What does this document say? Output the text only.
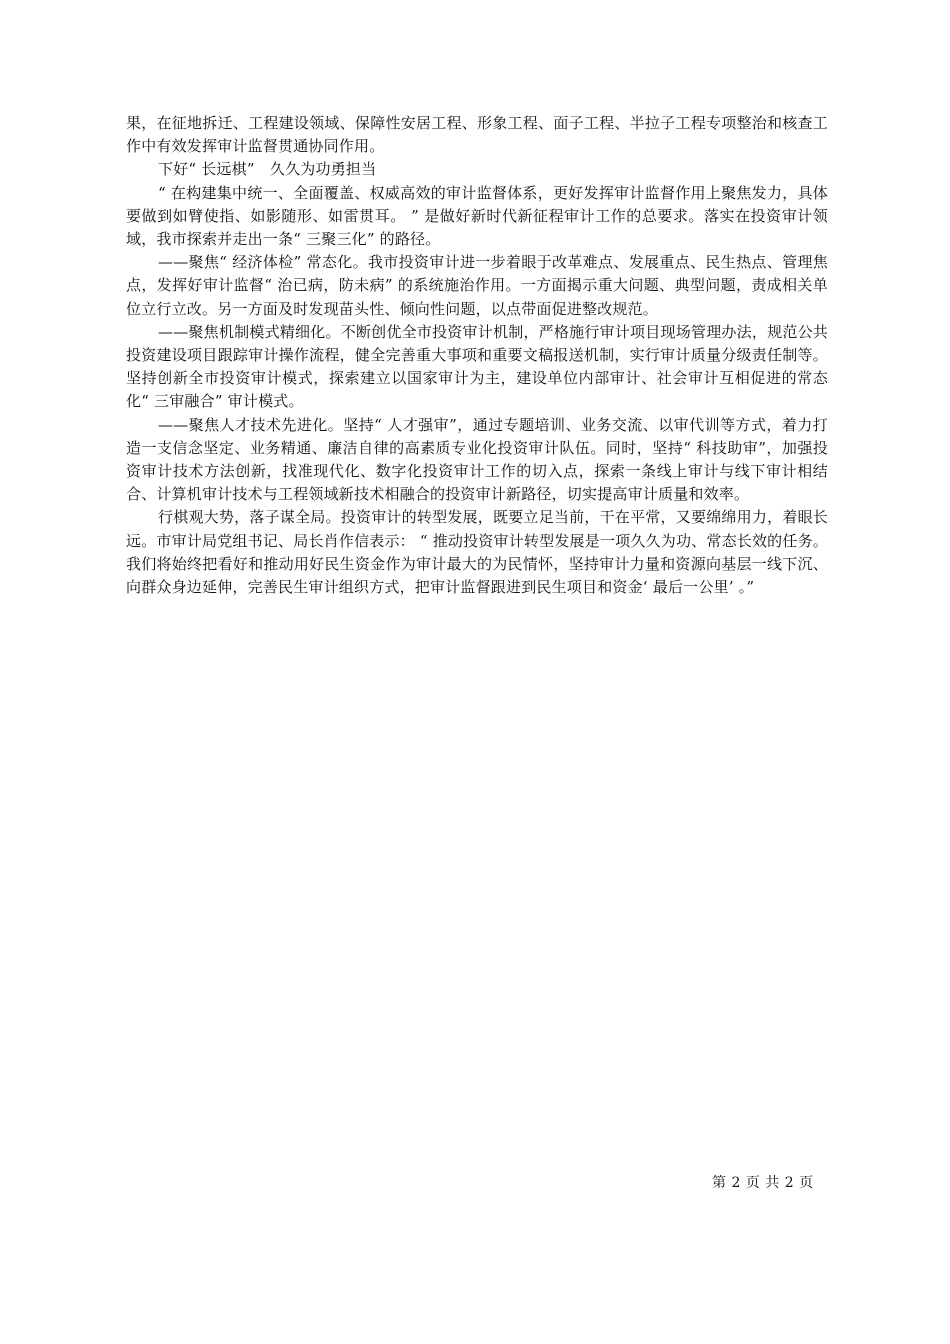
果，在征地拆迁、工程建设领域、保障性安居工程、形象工程、面子工程、半拉子工程专项整治和核查工作中有效发挥审计监督贯通协同作用。

下好“ 长远棋”　久久为功勇担当

“ 在构建集中统一、全面覆盖、权威高效的审计监督体系，更好发挥审计监督作用上聚焦发力，具体要做到如臂使指、如影随形、如雷贯耳。 ” 是做好新时代新征程审计工作的总要求。落实在投资审计领域，我市探索并走出一条“ 三聚三化” 的路径。

——聚焦“ 经济体检” 常态化。我市投资审计进一步着眼于改革难点、发展重点、民生热点、管理焦点，发挥好审计监督“ 治已病，防未病” 的系统施治作用。一方面揭示重大问题、典型问题，责成相关单位立行立改。另一方面及时发现苗头性、倾向性问题，以点带面促进整改规范。

——聚焦机制模式精细化。不断创优全市投资审计机制，严格施行审计项目现场管理办法，规范公共投资建设项目跟踪审计操作流程，健全完善重大事项和重要文稿报送机制，实行审计质量分级责任制等。坚持创新全市投资审计模式，探索建立以国家审计为主，建设单位内部审计、社会审计互相促进的常态化“ 三审融合” 审计模式。

——聚焦人才技术先进化。坚持“ 人才强审”，通过专题培训、业务交流、以审代训等方式，着力打造一支信念坚定、业务精通、廉洁自律的高素质专业化投资审计队伍。同时，坚持“ 科技助审”，加强投资审计技术方法创新，找准现代化、数字化投资审计工作的切入点，探索一条线上审计与线下审计相结合、计算机审计技术与工程领域新技术相融合的投资审计新路径，切实提高审计质量和效率。

行棋观大势，落子谋全局。投资审计的转型发展，既要立足当前，干在平常，又要绵绵用力，着眼长远。市审计局党组书记、局长肖作信表示： “ 推动投资审计转型发展是一项久久为功、常态长效的任务。我们将始终把看好和推动用好民生资金作为审计最大的为民情怀，坚持审计力量和资源向基层一线下沉、向群众身边延伸，完善民生审计组织方式，把审计监督跟进到民生项目和资金‘ 最后一公里’ 。”

第 2 页 共 2 页
